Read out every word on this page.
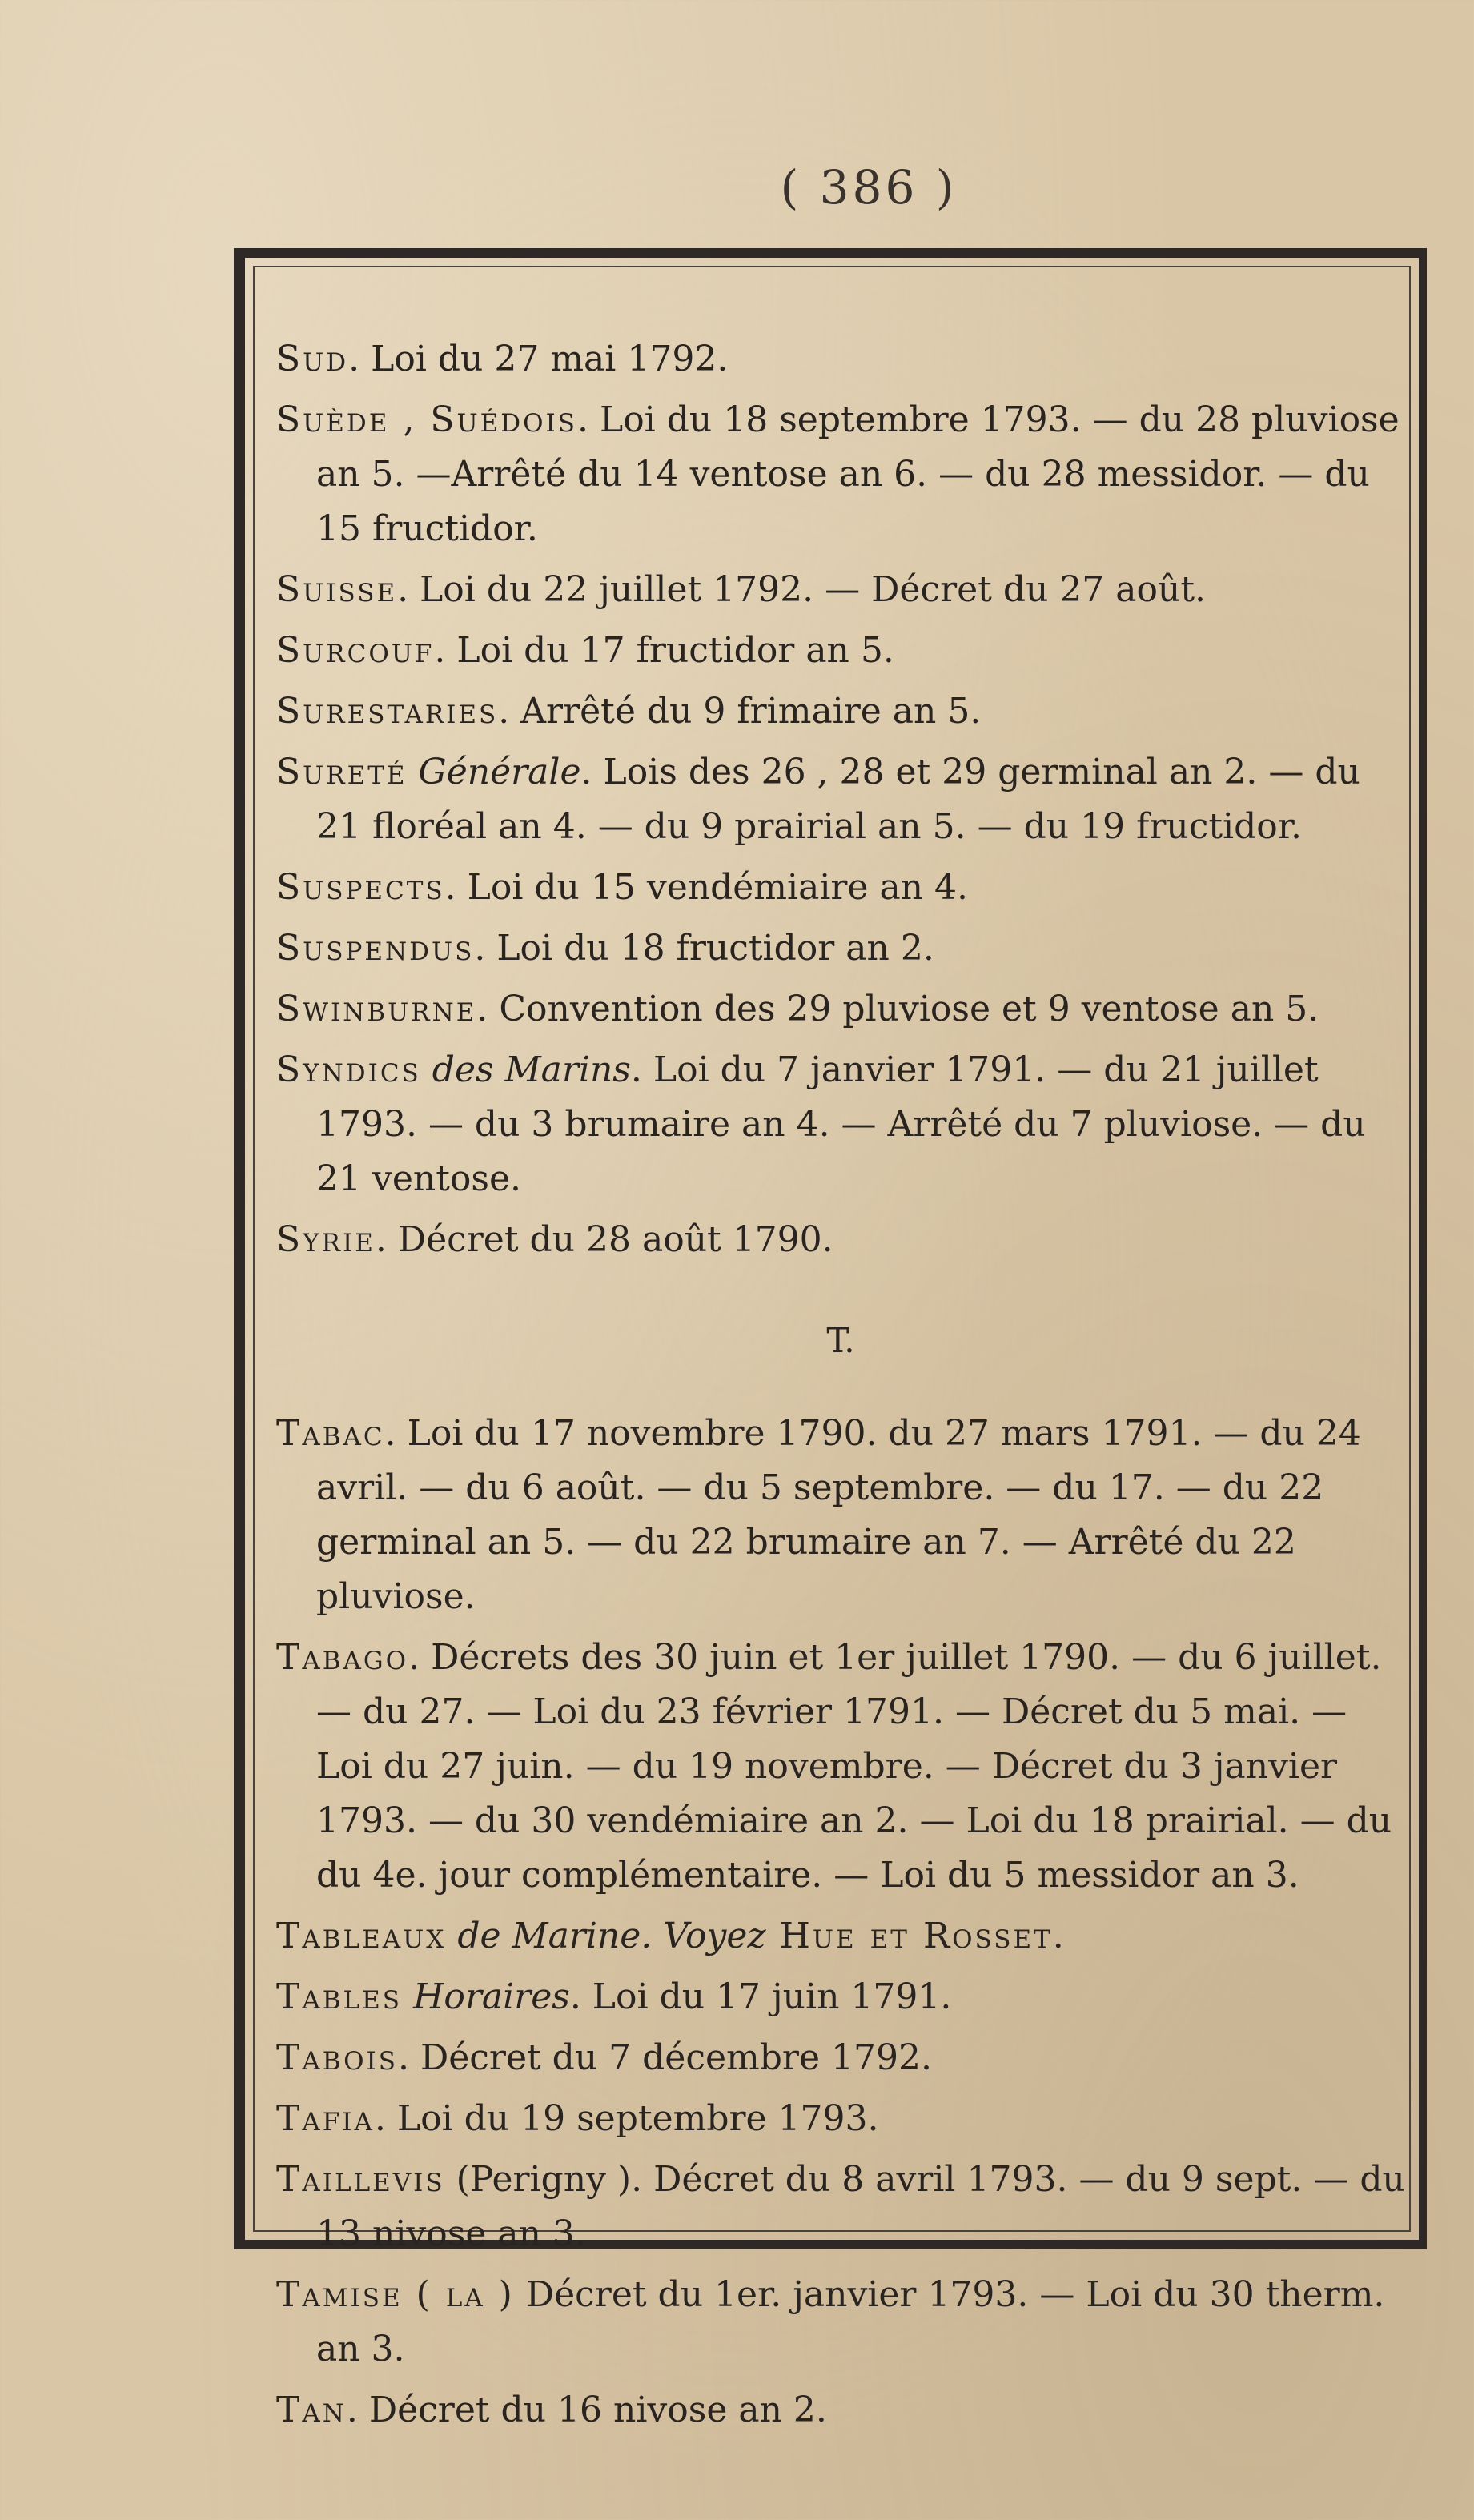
( 386 )
Sud. Loi du 27 mai 1792.
Suède , Suédois. Loi du 18 septembre 1793. — du 28 pluviose an 5. —Arrêté du 14 ventose an 6. — du 28 messidor. — du 15 fructidor.
Suisse. Loi du 22 juillet 1792. — Décret du 27 août.
Surcouf. Loi du 17 fructidor an 5.
Surestaries. Arrêté du 9 frimaire an 5.
Sureté Générale. Lois des 26 , 28 et 29 germinal an 2. — du 21 floréal an 4. — du 9 prairial an 5. — du 19 fructidor.
Suspects. Loi du 15 vendémiaire an 4.
Suspendus. Loi du 18 fructidor an 2.
Swinburne. Convention des 29 pluviose et 9 ventose an 5.
Syndics des Marins. Loi du 7 janvier 1791. — du 21 juillet 1793. — du 3 brumaire an 4. — Arrêté du 7 pluviose. — du 21 ventose.
Syrie. Décret du 28 août 1790.
T.
Tabac. Loi du 17 novembre 1790. du 27 mars 1791. — du 24 avril. — du 6 août. — du 5 septembre. — du 17. — du 22 germinal an 5. — du 22 brumaire an 7. — Arrêté du 22 pluviose.
Tabago. Décrets des 30 juin et 1er juillet 1790. — du 6 juillet. — du 27. — Loi du 23 février 1791. — Décret du 5 mai. — Loi du 27 juin. — du 19 novembre. — Décret du 3 janvier 1793. — du 30 vendémiaire an 2. — Loi du 18 prairial. — du du 4e. jour complémentaire. — Loi du 5 messidor an 3.
Tableaux de Marine. Voyez Hue et Rosset.
Tables Horaires. Loi du 17 juin 1791.
Tabois. Décret du 7 décembre 1792.
Tafia. Loi du 19 septembre 1793.
Taillevis (Perigny ). Décret du 8 avril 1793. — du 9 sept. — du 13 nivose an 3.
Tamise ( la ) Décret du 1er. janvier 1793. — Loi du 30 therm. an 3.
Tan. Décret du 16 nivose an 2.
